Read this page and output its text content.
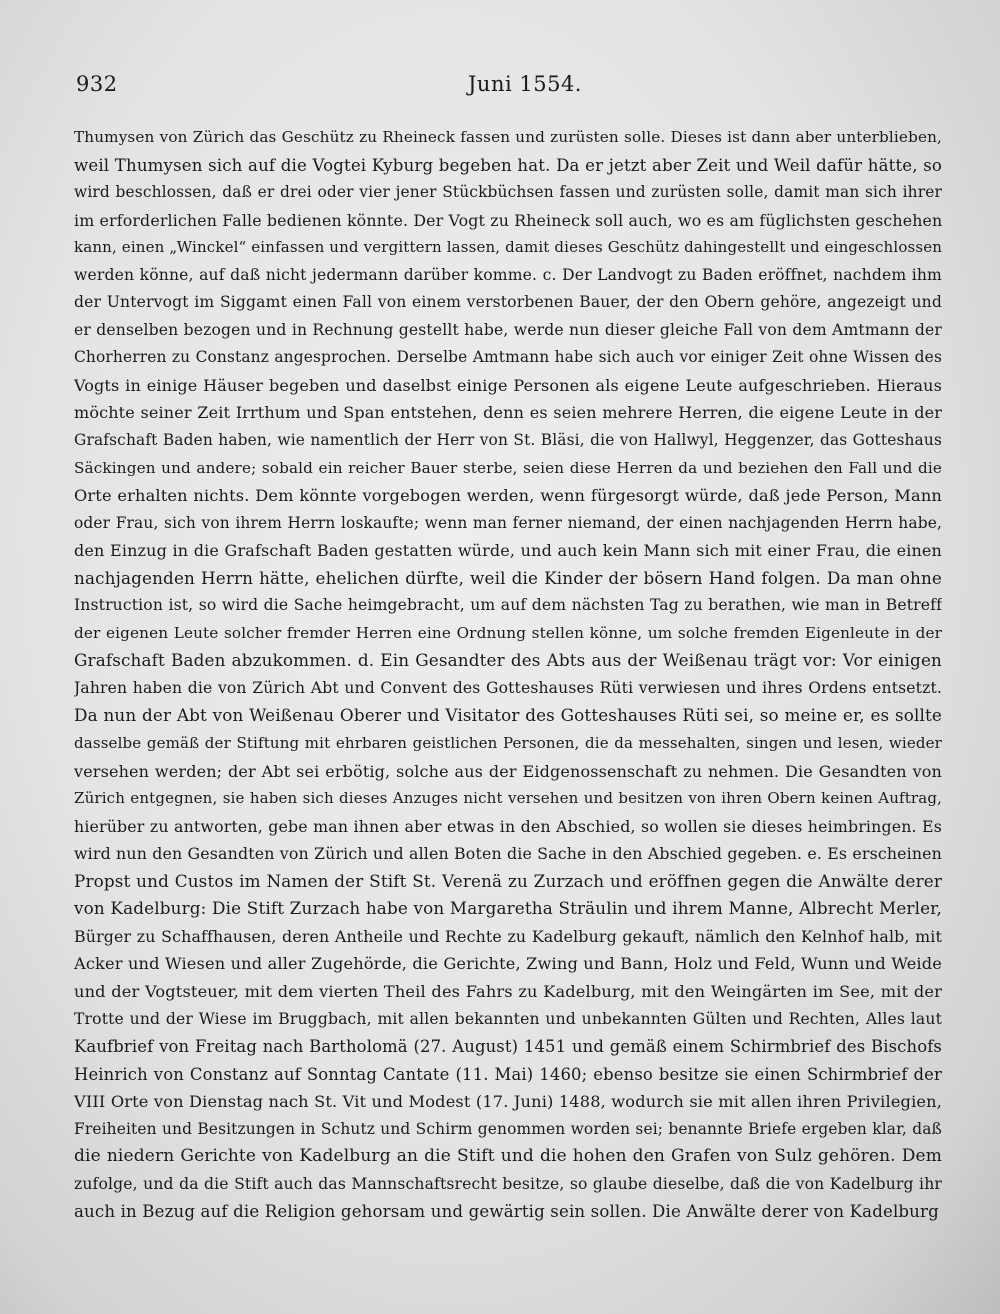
932	Juni 1554.
Thumysen von Zürich das Geschütz zu Rheineck fassen und zurüsten solle. Dieses ist dann aber unterblieben,
weil Thumysen sich auf die Vogtei Kyburg begeben hat. Da er jetzt aber Zeit und Weil dafür hätte, so
wird beschlossen, daß er drei oder vier jener Stückbüchsen fassen und zurüsten solle, damit man sich ihrer
im erforderlichen Falle bedienen könnte. Der Vogt zu Rheineck soll auch, wo es am füglichsten geschehen
kann, einen „Winckel“ einfassen und vergittern lassen, damit dieses Geschütz dahingestellt und eingeschlossen
werden könne, auf daß nicht jedermann darüber komme. c. Der Landvogt zu Baden eröffnet, nachdem ihm
der Untervogt im Siggamt einen Fall von einem verstorbenen Bauer, der den Obern gehöre, angezeigt und
er denselben bezogen und in Rechnung gestellt habe, werde nun dieser gleiche Fall von dem Amtmann der
Chorherren zu Constanz angesprochen. Derselbe Amtmann habe sich auch vor einiger Zeit ohne Wissen des
Vogts in einige Häuser begeben und daselbst einige Personen als eigene Leute aufgeschrieben. Hieraus
möchte seiner Zeit Irrthum und Span entstehen, denn es seien mehrere Herren, die eigene Leute in der
Grafschaft Baden haben, wie namentlich der Herr von St. Bläsi, die von Hallwyl, Heggenzer, das Gotteshaus
Säckingen und andere; sobald ein reicher Bauer sterbe, seien diese Herren da und beziehen den Fall und die
Orte erhalten nichts. Dem könnte vorgebogen werden, wenn fürgesorgt würde, daß jede Person, Mann
oder Frau, sich von ihrem Herrn loskaufte; wenn man ferner niemand, der einen nachjagenden Herrn habe,
den Einzug in die Grafschaft Baden gestatten würde, und auch kein Mann sich mit einer Frau, die einen
nachjagenden Herrn hätte, ehelichen dürfte, weil die Kinder der bösern Hand folgen. Da man ohne
Instruction ist, so wird die Sache heimgebracht, um auf dem nächsten Tag zu berathen, wie man in Betreff
der eigenen Leute solcher fremder Herren eine Ordnung stellen könne, um solche fremden Eigenleute in der
Grafschaft Baden abzukommen. d. Ein Gesandter des Abts aus der Weißenau trägt vor: Vor einigen
Jahren haben die von Zürich Abt und Convent des Gotteshauses Rüti verwiesen und ihres Ordens entsetzt.
Da nun der Abt von Weißenau Oberer und Visitator des Gotteshauses Rüti sei, so meine er, es sollte
dasselbe gemäß der Stiftung mit ehrbaren geistlichen Personen, die da messehalten, singen und lesen, wieder
versehen werden; der Abt sei erbötig, solche aus der Eidgenossenschaft zu nehmen. Die Gesandten von
Zürich entgegnen, sie haben sich dieses Anzuges nicht versehen und besitzen von ihren Obern keinen Auftrag,
hierüber zu antworten, gebe man ihnen aber etwas in den Abschied, so wollen sie dieses heimbringen. Es
wird nun den Gesandten von Zürich und allen Boten die Sache in den Abschied gegeben. e. Es erscheinen
Propst und Custos im Namen der Stift St. Verenä zu Zurzach und eröffnen gegen die Anwälte derer
von Kadelburg: Die Stift Zurzach habe von Margaretha Sträulin und ihrem Manne, Albrecht Merler,
Bürger zu Schaffhausen, deren Antheile und Rechte zu Kadelburg gekauft, nämlich den Kelnhof halb, mit
Acker und Wiesen und aller Zugehörde, die Gerichte, Zwing und Bann, Holz und Feld, Wunn und Weide
und der Vogtsteuer, mit dem vierten Theil des Fahrs zu Kadelburg, mit den Weingärten im See, mit der
Trotte und der Wiese im Bruggbach, mit allen bekannten und unbekannten Gülten und Rechten, Alles laut
Kaufbrief von Freitag nach Bartholomä (27. August) 1451 und gemäß einem Schirmbrief des Bischofs
Heinrich von Constanz auf Sonntag Cantate (11. Mai) 1460; ebenso besitze sie einen Schirmbrief der
VIII Orte von Dienstag nach St. Vit und Modest (17. Juni) 1488, wodurch sie mit allen ihren Privilegien,
Freiheiten und Besitzungen in Schutz und Schirm genommen worden sei; benannte Briefe ergeben klar, daß
die niedern Gerichte von Kadelburg an die Stift und die hohen den Grafen von Sulz gehören. Dem
zufolge, und da die Stift auch das Mannschaftsrecht besitze, so glaube dieselbe, daß die von Kadelburg ihr
auch in Bezug auf die Religion gehorsam und gewärtig sein sollen. Die Anwälte derer von Kadelburg
